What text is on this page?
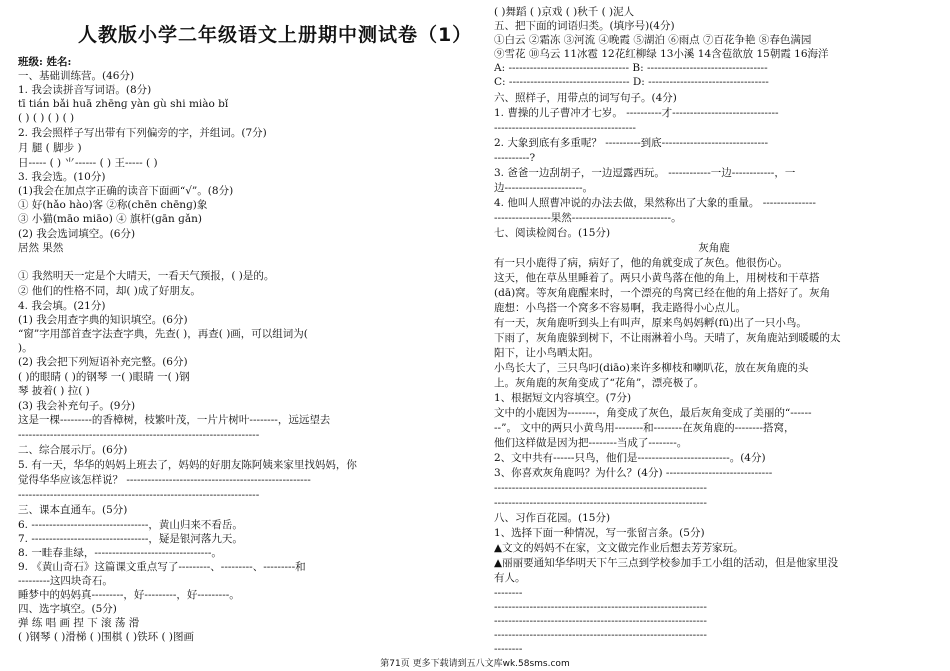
人教版小学二年级语文上册期中测试卷（1）
班级: 姓名:
一、基础训练营。(46分)
1. 我会读拼音写词语。(8分)
tī tián bǎi huā zhēnɡ yàn ɡù shi miào bǐ
( ) ( ) ( ) ( )
2. 我会照样子写出带有下列偏旁的字，并组词。(7分)
月 腿 ( 脚步 )
日----- ( ) ⺌------ ( ) 王----- ( )
3. 我会选。(10分)
(1)我会在加点字正确的读音下面画“√”。(8分)
① 好(hǎo hào)客 ②称(chēn chēnɡ)象
③ 小猫(māo miāo) ④ 旗杆(ɡān ɡǎn)
(2) 我会选词填空。(6分)
居然 果然
① 我然明天一定是个大晴天，一看天气预报，( )是的。
② 他们的性格不同，却( )成了好朋友。
4. 我会填。(21分)
(1) 我会用查字典的知识填空。(6分)
“窗”字用部首查字法查字典，先查( )，再查( )画，可以组词为(
)。
(2) 我会把下列短语补充完整。(6分)
( )的眼睛 ( )的钢琴 一( )眼睛 一( )钢
琴 披着( ) 拉( )
(3) 我会补充句子。(9分)
这是一棵---------的香樟树，枝繁叶茂，一片片树叶--------，远远望去
--------------------------------------------------------------------
二、综合展示厅。(6分)
5. 有一天，华华的妈妈上班去了，妈妈的好朋友陈阿姨来家里找妈妈，你
觉得华华应该怎样说？ ----------------------------------------------------
--------------------------------------------------------------------
三、课本直通车。(5分)
6. ---------------------------------，黄山归来不看岳。
7. ---------------------------------，疑是银河落九天。
8. 一畦春韭绿，---------------------------------。
9. 《黄山奇石》这篇课文重点写了---------、---------、---------和
---------这四块奇石。
睡梦中的妈妈真---------，好---------，好---------。
四、选字填空。(5分)
弹 练 唱 画 捏 下 滚 荡 滑
( )钢琴 ( )滑梯 ( )围棋 ( )铁环 ( )图画
( )舞蹈 ( )京戏 ( )秋千 ( )泥人
五、把下面的词语归类。(填序号)(4分)
①白云 ②霜冻 ③河流 ④晚霞 ⑤湖泊 ⑥雨点 ⑦百花争艳 ⑧春色满园
⑨雪花 ⑩乌云 11冰雹 12花红柳绿 13小溪 14含苞欲放 15朝霞 16海洋
A: ---------------------------------- B: ----------------------------------
C: ---------------------------------- D: ----------------------------------
六、照样子，用带点的词写句子。(4分)
1. 曹操的儿子曹冲才七岁。 ----------才------------------------------
----------------------------------------
2. 大象到底有多重呢？ ----------到底------------------------------
----------?
3. 爸爸一边刮胡子，一边逗露西玩。 ------------一边------------，一
边----------------------。
4. 他叫人照曹冲说的办法去做，果然称出了大象的重量。 ---------------
----------------果然----------------------------。
七、阅读检阅台。(15分)
灰角鹿
有一只小鹿得了病，病好了，他的角就变成了灰色。他很伤心。
这天，他在草丛里睡着了。两只小黄鸟落在他的角上，用树枝和干草搭
(dā)窝。等灰角鹿醒来时，一个漂亮的鸟窝已经在他的角上搭好了。灰角
鹿想：小鸟搭一个窝多不容易啊，我走路得小心点儿。
有一天，灰角鹿听到头上有叫声，原来鸟妈妈孵(fū)出了一只小鸟。
下雨了，灰角鹿躲到树下，不让雨淋着小鸟。天晴了，灰角鹿站到暖暖的太
阳下，让小鸟晒太阳。
小鸟长大了，三只鸟叼(diāo)来许多柳枝和喇叭花，放在灰角鹿的头
上。灰角鹿的灰角变成了“花角”，漂亮极了。
1、根据短文内容填空。(7分)
文中的小鹿因为--------，角变成了灰色，最后灰角变成了美丽的“------
--”。 文中的两只小黄鸟用--------和--------在灰角鹿的--------搭窝，
他们这样做是因为把--------当成了--------。
2、文中共有------只鸟，他们是--------------------------。(4分)
3、你喜欢灰角鹿吗？为什么？(4分) ------------------------------
------------------------------------------------------------
------------------------------------------------------------
八、习作百花园。(15分)
1、选择下面一种情况，写一张留言条。(5分)
▲文文的妈妈不在家，文文做完作业后想去芳芳家玩。
▲丽丽要通知华华明天下午三点到学校参加手工小组的活动，但是他家里没
有人。
--------
------------------------------------------------------------
------------------------------------------------------------
------------------------------------------------------------
--------
第71页 更多下载请到五八文库wk.58sms.com
